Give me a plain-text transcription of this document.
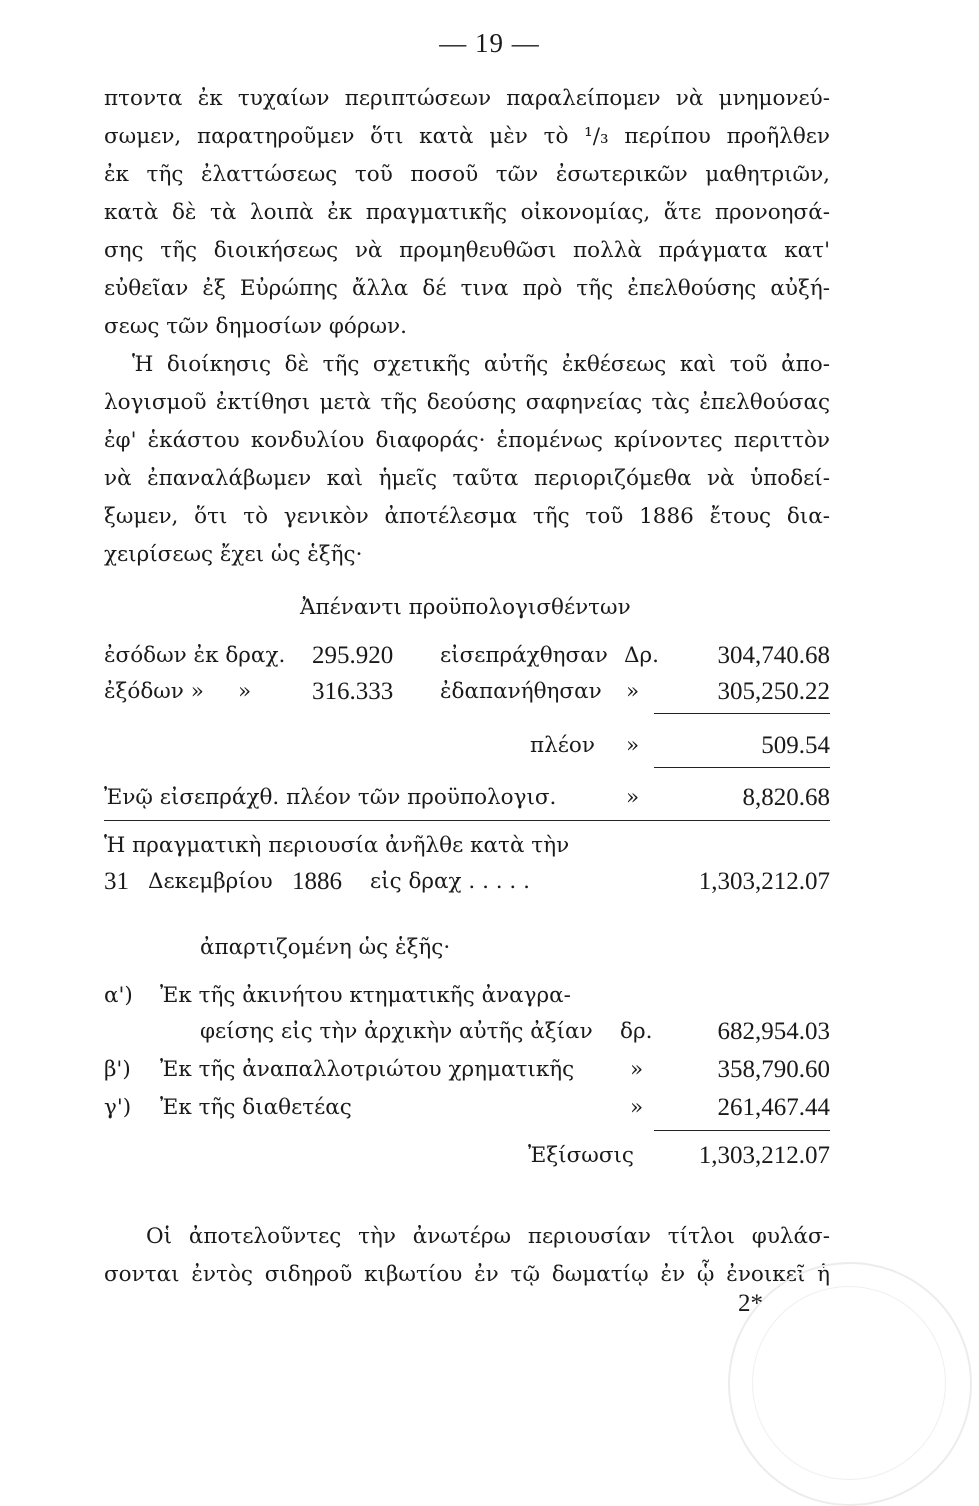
— 19 —
πτοντα ἐκ τυχαίων περιπτώσεων παραλείπομεν νὰ μνημονεύ-
σωμεν, παρατηροῦμεν ὅτι κατὰ μὲν τὸ ¹/₃ περίπου προῆλθεν
ἐκ τῆς ἐλαττώσεως τοῦ ποσοῦ τῶν ἐσωτερικῶν μαθητριῶν,
κατὰ δὲ τὰ λοιπὰ ἐκ πραγματικῆς οἰκονομίας, ἅτε προνοησά-
σης τῆς διοικήσεως νὰ προμηθευθῶσι πολλὰ πράγματα κατ'
εὐθεῖαν ἐξ Εὐρώπης ἄλλα δέ τινα πρὸ τῆς ἐπελθούσης αὐξή-
σεως τῶν δημοσίων φόρων.
Ἡ διοίκησις δὲ τῆς σχετικῆς αὐτῆς ἐκθέσεως καὶ τοῦ ἀπο-
λογισμοῦ ἐκτίθησι μετὰ τῆς δεούσης σαφηνείας τὰς ἐπελθούσας
ἐφ' ἑκάστου κονδυλίου διαφοράς· ἑπομένως κρίνοντες περιττὸν
νὰ ἐπαναλάβωμεν καὶ ἡμεῖς ταῦτα περιοριζόμεθα νὰ ὑποδεί-
ξωμεν, ὅτι τὸ γενικὸν ἀποτέλεσμα τῆς τοῦ 1886 ἔτους δια-
χειρίσεως ἔχει ὡς ἑξῆς·
Ἀπέναντι προϋπολογισθέντων
ἐσόδων ἐκ δραχ. 295.920	εἰσεπράχθησαν Δρ.	304,740.68
ἐξόδων » » 316.333	ἐδαπανήθησαν »	305,250.22
πλέον »	509.54
Ἐνῷ εἰσεπράχθ. πλέον τῶν προϋπολογισ.	»	8,820.68
Ἡ πραγματικὴ περιουσία ἀνῆλθε κατὰ τὴν
31 Δεκεμβρίου 1886	εἰς δραχ . . . . .	1,303,212.07
ἀπαρτιζομένη ὡς ἑξῆς·
α') Ἐκ τῆς ἀκινήτου κτηματικῆς ἀναγρα-
φείσης εἰς τὴν ἀρχικὴν αὐτῆς ἀξίαν δρ.	682,954.03
β') Ἐκ τῆς ἀναπαλλοτριώτου χρηματικῆς	»	358,790.60
γ') Ἐκ τῆς διαθετέας	»	261,467.44
Ἐξίσωσις	1,303,212.07
Οἱ ἀποτελοῦντες τὴν ἀνωτέρω περιουσίαν τίτλοι φυλάσ-
σονται ἐντὸς σιδηροῦ κιβωτίου ἐν τῷ δωματίῳ ἐν ᾧ ἐνοικεῖ ἡ
2*
